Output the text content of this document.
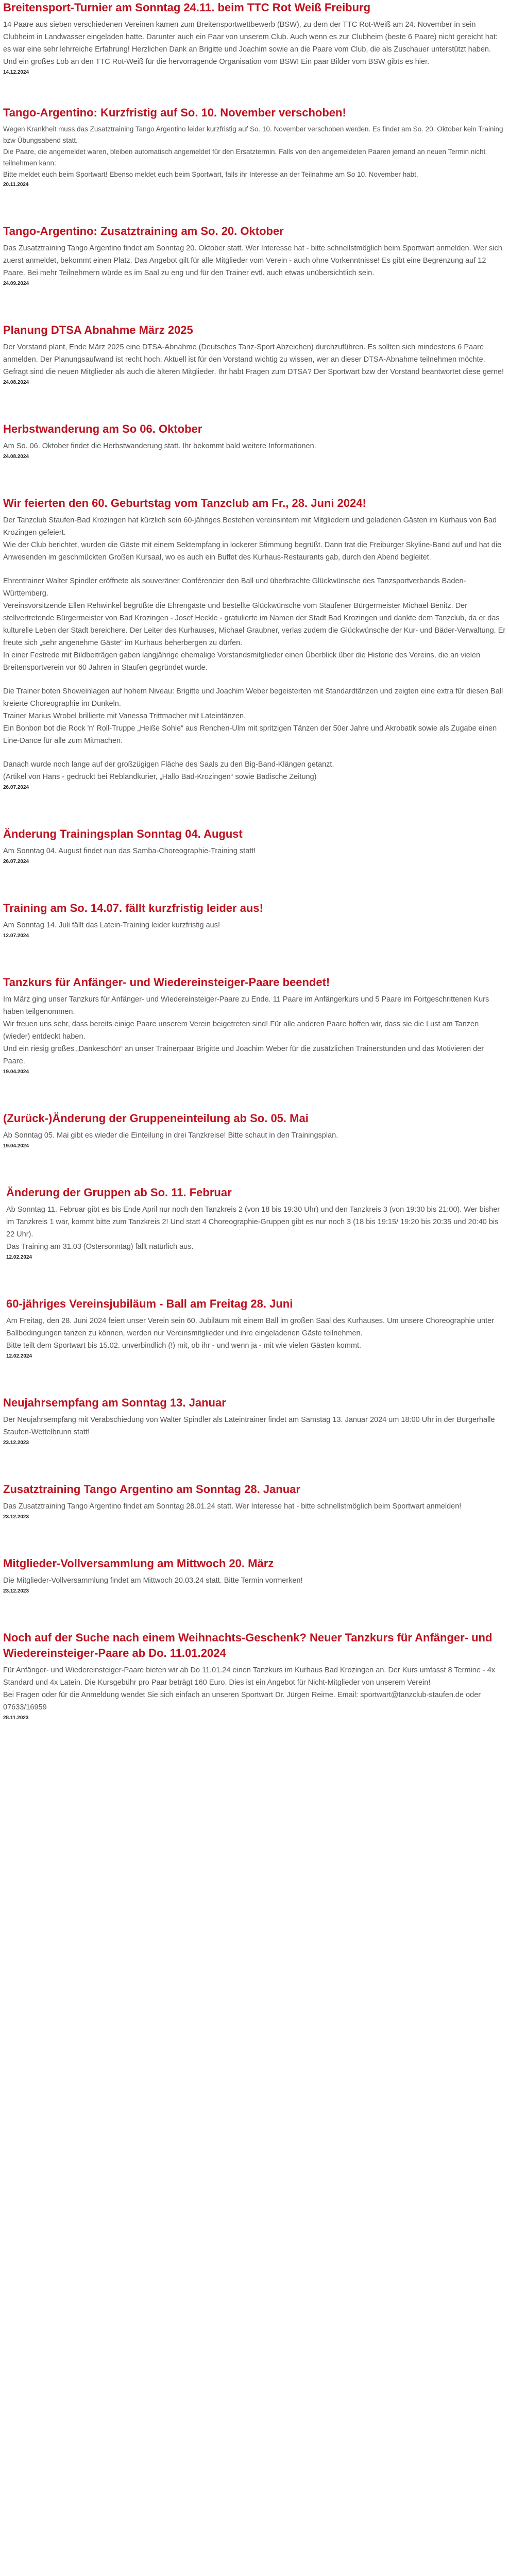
Breitensport-Turnier am Sonntag 24.11. beim TTC Rot Weiß Freiburg

14 Paare aus sieben verschiedenen Vereinen kamen zum Breitensportwettbewerb (BSW), zu dem der TTC Rot-Weiß am 24. November in sein Clubheim in Landwasser eingeladen hatte. Darunter auch ein Paar von unserem Club. Auch wenn es zur Clubheim (beste 6 Paare) nicht gereicht hat: es war eine sehr lehrreiche Erfahrung! Herzlichen Dank an Brigitte und Joachim sowie an die Paare vom Club, die als Zuschauer unterstützt haben. Und ein großes Lob an den TTC Rot-Weiß für die hervorragende Organisation vom BSW! Ein paar Bilder vom BSW gibts es hier.

14.12.2024
Tango-Argentino: Kurzfristig auf So. 10. November verschoben!

Wegen Krankheit muss das Zusatztraining Tango Argentino leider kurzfristig auf So. 10. November verschoben werden. Es findet am So. 20. Oktober kein Training bzw Übungsabend statt.

Die Paare, die angemeldet waren, bleiben automatisch angemeldet für den Ersatztermin. Falls von den angemeldeten Paaren jemand an neuen Termin nicht teilnehmen kann:

Bitte meldet euch beim Sportwart! Ebenso meldet euch beim Sportwart, falls ihr Interesse an der Teilnahme am So 10. November habt.

20.11.2024
Tango-Argentino: Zusatztraining am So. 20. Oktober

Das Zusatztraining Tango Argentino findet am Sonntag 20. Oktober statt. Wer Interesse hat - bitte schnellstmöglich beim Sportwart anmelden. Wer sich zuerst anmeldet, bekommt einen Platz. Das Angebot gilt für alle Mitglieder vom Verein - auch ohne Vorkenntnisse! Es gibt eine Begrenzung auf 12 Paare. Bei mehr Teilnehmern würde es im Saal zu eng und für den Trainer evtl. auch etwas unübersichtlich sein.

24.09.2024
Planung DTSA Abnahme März 2025

Der Vorstand plant, Ende März 2025 eine DTSA-Abnahme (Deutsches Tanz-Sport Abzeichen) durchzuführen. Es sollten sich mindestens 6 Paare anmelden. Der Planungsaufwand ist recht hoch. Aktuell ist für den Vorstand wichtig zu wissen, wer an dieser DTSA-Abnahme teilnehmen möchte. Gefragt sind die neuen Mitglieder als auch die älteren Mitglieder. Ihr habt Fragen zum DTSA? Der Sportwart bzw der Vorstand beantwortet diese gerne!

24.08.2024
Herbstwanderung am So 06. Oktober

Am So. 06. Oktober findet die Herbstwanderung statt. Ihr bekommt bald weitere Informationen.

24.08.2024
Wir feierten den 60. Geburtstag vom Tanzclub am Fr., 28. Juni 2024!

Der Tanzclub Staufen-Bad Krozingen hat kürzlich sein 60-jähriges Bestehen vereinsintern mit Mitgliedern und geladenen Gästen im Kurhaus von Bad Krozingen gefeiert.

Wie der Club berichtet, wurden die Gäste mit einem Sektempfang in lockerer Stimmung begrüßt. Dann trat die Freiburger Skyline-Band auf und hat die Anwesenden im geschmückten Großen Kursaal, wo es auch ein Buffet des Kurhaus-Restaurants gab, durch den Abend begleitet.

Ehrentrainer Walter Spindler eröffnete als souveräner Conférencier den Ball und überbrachte Glückwünsche des Tanzsportverbands Baden-Württemberg.

Vereinsvorsitzende Ellen Rehwinkel begrüßte die Ehrengäste und bestellte Glückwünsche vom Staufener Bürgermeister Michael Benitz. Der stellvertretende Bürgermeister von Bad Krozingen - Josef Heckle - gratulierte im Namen der Stadt Bad Krozingen und dankte dem Tanzclub, da er das kulturelle Leben der Stadt bereichere. Der Leiter des Kurhauses, Michael Graubner, verlas zudem die Glückwünsche der Kur- und Bäder-Verwaltung. Er freute sich „sehr angenehme Gäste“ im Kurhaus beherbergen zu dürfen.

In einer Festrede mit Bildbeiträgen gaben langjährige ehemalige Vorstandsmitglieder einen Überblick über die Historie des Vereins, die an vielen Breitensportverein vor 60 Jahren in Staufen gegründet wurde.

Die Trainer boten Showeinlagen auf hohem Niveau: Brigitte und Joachim Weber begeisterten mit Standardtänzen und zeigten eine extra für diesen Ball kreierte Choreographie im Dunkeln.

Trainer Marius Wrobel brillierte mit Vanessa Trittmacher mit Lateintänzen.

Ein Bonbon bot die Rock 'n' Roll-Truppe „Heiße Sohle“ aus Renchen-Ulm mit spritzigen Tänzen der 50er Jahre und Akrobatik sowie als Zugabe einen Line-Dance für alle zum Mitmachen.

Danach wurde noch lange auf der großzügigen Fläche des Saals zu den Big-Band-Klängen getanzt.

(Artikel von Hans - gedruckt bei Reblandkurier, „Hallo Bad-Krozingen“ sowie Badische Zeitung)

26.07.2024
Änderung Trainingsplan Sonntag 04. August

Am Sonntag 04. August findet nun das Samba-Choreographie-Training statt!

26.07.2024
Training am So. 14.07. fällt kurzfristig leider aus!

Am Sonntag 14. Juli fällt das Latein-Training leider kurzfristig aus!

12.07.2024
Tanzkurs für Anfänger- und Wiedereinsteiger-Paare beendet!

Im März ging unser Tanzkurs für Anfänger- und Wiedereinsteiger-Paare zu Ende. 11 Paare im Anfängerkurs und 5 Paare im Fortgeschrittenen Kurs haben teilgenommen.

Wir freuen uns sehr, dass bereits einige Paare unserem Verein beigetreten sind! Für alle anderen Paare hoffen wir, dass sie die Lust am Tanzen (wieder) entdeckt haben.

Und ein riesig großes „Dankeschön“ an unser Trainerpaar Brigitte und Joachim Weber für die zusätzlichen Trainerstunden und das Motivieren der Paare.

19.04.2024
(Zurück-)Änderung der Gruppeneinteilung ab So. 05. Mai

Ab Sonntag 05. Mai gibt es wieder die Einteilung in drei Tanzkreise! Bitte schaut in den Trainingsplan.

19.04.2024
Änderung der Gruppen ab So. 11. Februar

Ab Sonntag 11. Februar gibt es bis Ende April nur noch den Tanzkreis 2 (von 18 bis 19:30 Uhr) und den Tanzkreis 3 (von 19:30 bis 21:00). Wer bisher im Tanzkreis 1 war, kommt bitte zum Tanzkreis 2! Und statt 4 Choreographie-Gruppen gibt es nur noch 3 (18 bis 19:15/ 19:20 bis 20:35 und 20:40 bis 22 Uhr).

Das Training am 31.03 (Ostersonntag) fällt natürlich aus.

12.02.2024
60-jähriges Vereinsjubiläum - Ball am Freitag 28. Juni

Am Freitag, den 28. Juni 2024 feiert unser Verein sein 60. Jubiläum mit einem Ball im großen Saal des Kurhauses. Um unsere Choreographie unter Ballbedingungen tanzen zu können, werden nur Vereinsmitglieder und ihre eingeladenen Gäste teilnehmen.

Bitte teilt dem Sportwart bis 15.02. unverbindlich (!) mit, ob ihr - und wenn ja - mit wie vielen Gästen kommt.

12.02.2024
Neujahrsempfang am Sonntag 13. Januar

Der Neujahrsempfang mit Verabschiedung von Walter Spindler als Lateintrainer findet am Samstag 13. Januar 2024 um 18:00 Uhr in der Burgerhalle Staufen-Wettelbrunn statt!

23.12.2023
Zusatztraining Tango Argentino am Sonntag 28. Januar

Das Zusatztraining Tango Argentino findet am Sonntag 28.01.24 statt. Wer Interesse hat - bitte schnellstmöglich beim Sportwart anmelden!

23.12.2023
Mitglieder-Vollversammlung am Mittwoch 20. März

Die Mitglieder-Vollversammlung findet am Mittwoch 20.03.24 statt. Bitte Termin vormerken!

23.12.2023
Noch auf der Suche nach einem Weihnachts-Geschenk? Neuer Tanzkurs für Anfänger- und Wiedereinsteiger-Paare ab Do. 11.01.2024

Für Anfänger- und Wiedereinsteiger-Paare bieten wir ab Do 11.01.24 einen Tanzkurs im Kurhaus Bad Krozingen an. Der Kurs umfasst 8 Termine - 4x Standard und 4x Latein. Die Kursgebühr pro Paar beträgt 160 Euro. Dies ist ein Angebot für Nicht-Mitglieder von unserem Verein!

Bei Fragen oder für die Anmeldung wendet Sie sich einfach an unseren Sportwart Dr. Jürgen Reime. Email: sportwart@tanzclub-staufen.de oder 07633/16959

28.11.2023
